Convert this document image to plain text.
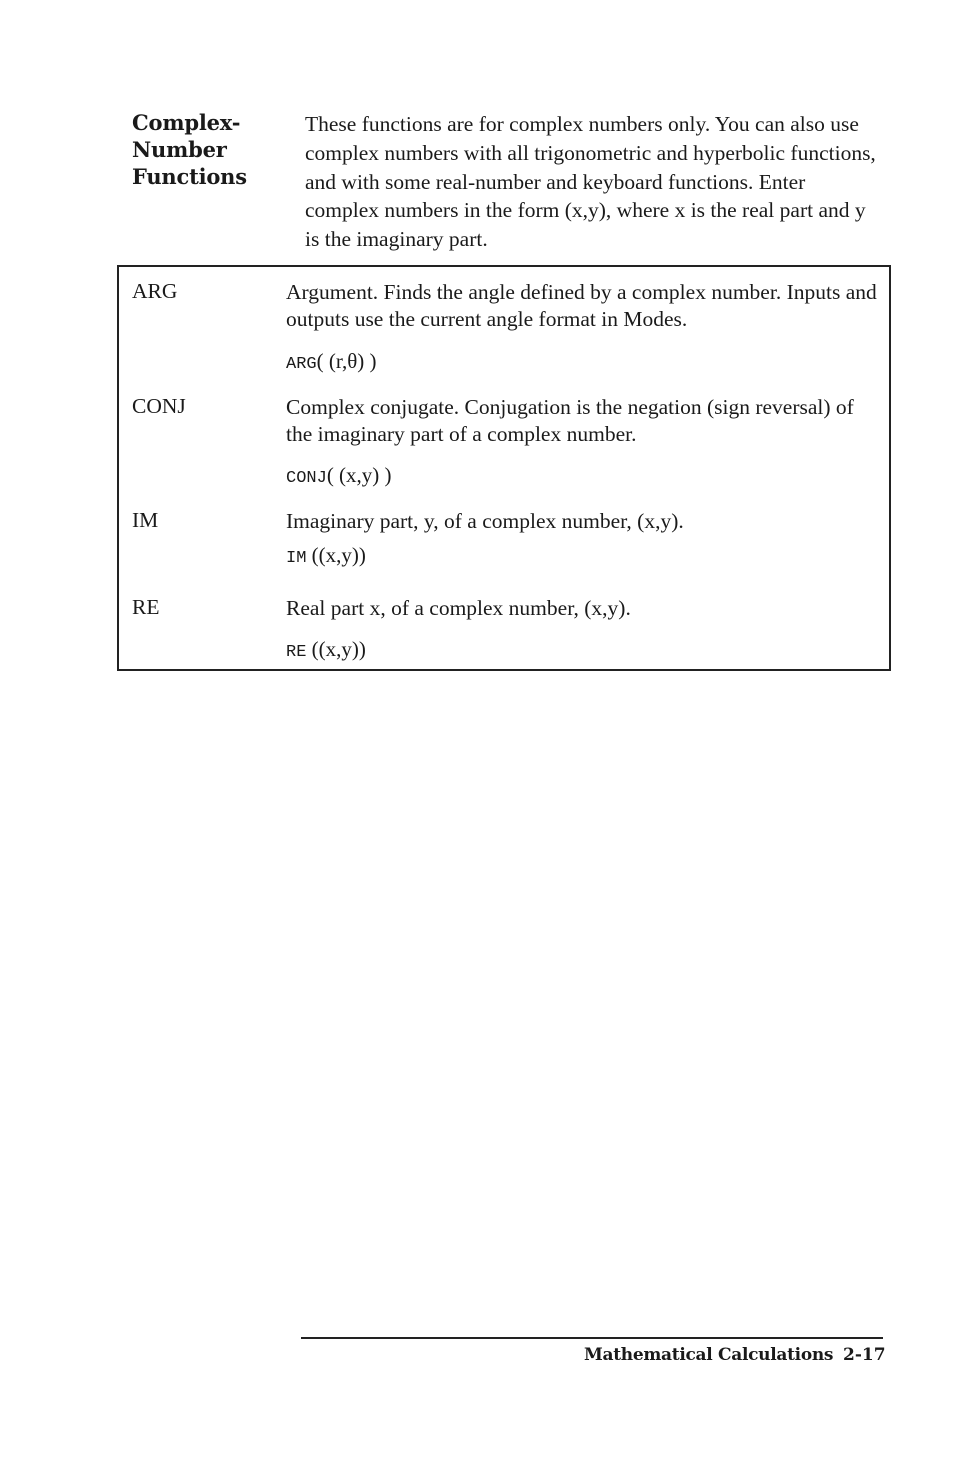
Complex-
Number
Functions

These functions are for complex numbers only. You can also use complex numbers with all trigonometric and hyperbolic functions, and with some real-number and keyboard functions. Enter complex numbers in the form (x,y), where x is the real part and y is the imaginary part.

ARG	Argument. Finds the angle defined by a complex number. Inputs and outputs use the current angle format in Modes.
ARG( (r,θ) )
CONJ	Complex conjugate. Conjugation is the negation (sign reversal) of the imaginary part of a complex number.
CONJ( (x,y) )
IM	Imaginary part, y, of a complex number, (x,y).
IM ((x,y))
RE	Real part x, of a complex number, (x,y).
RE ((x,y))
Mathematical Calculations 2-17
